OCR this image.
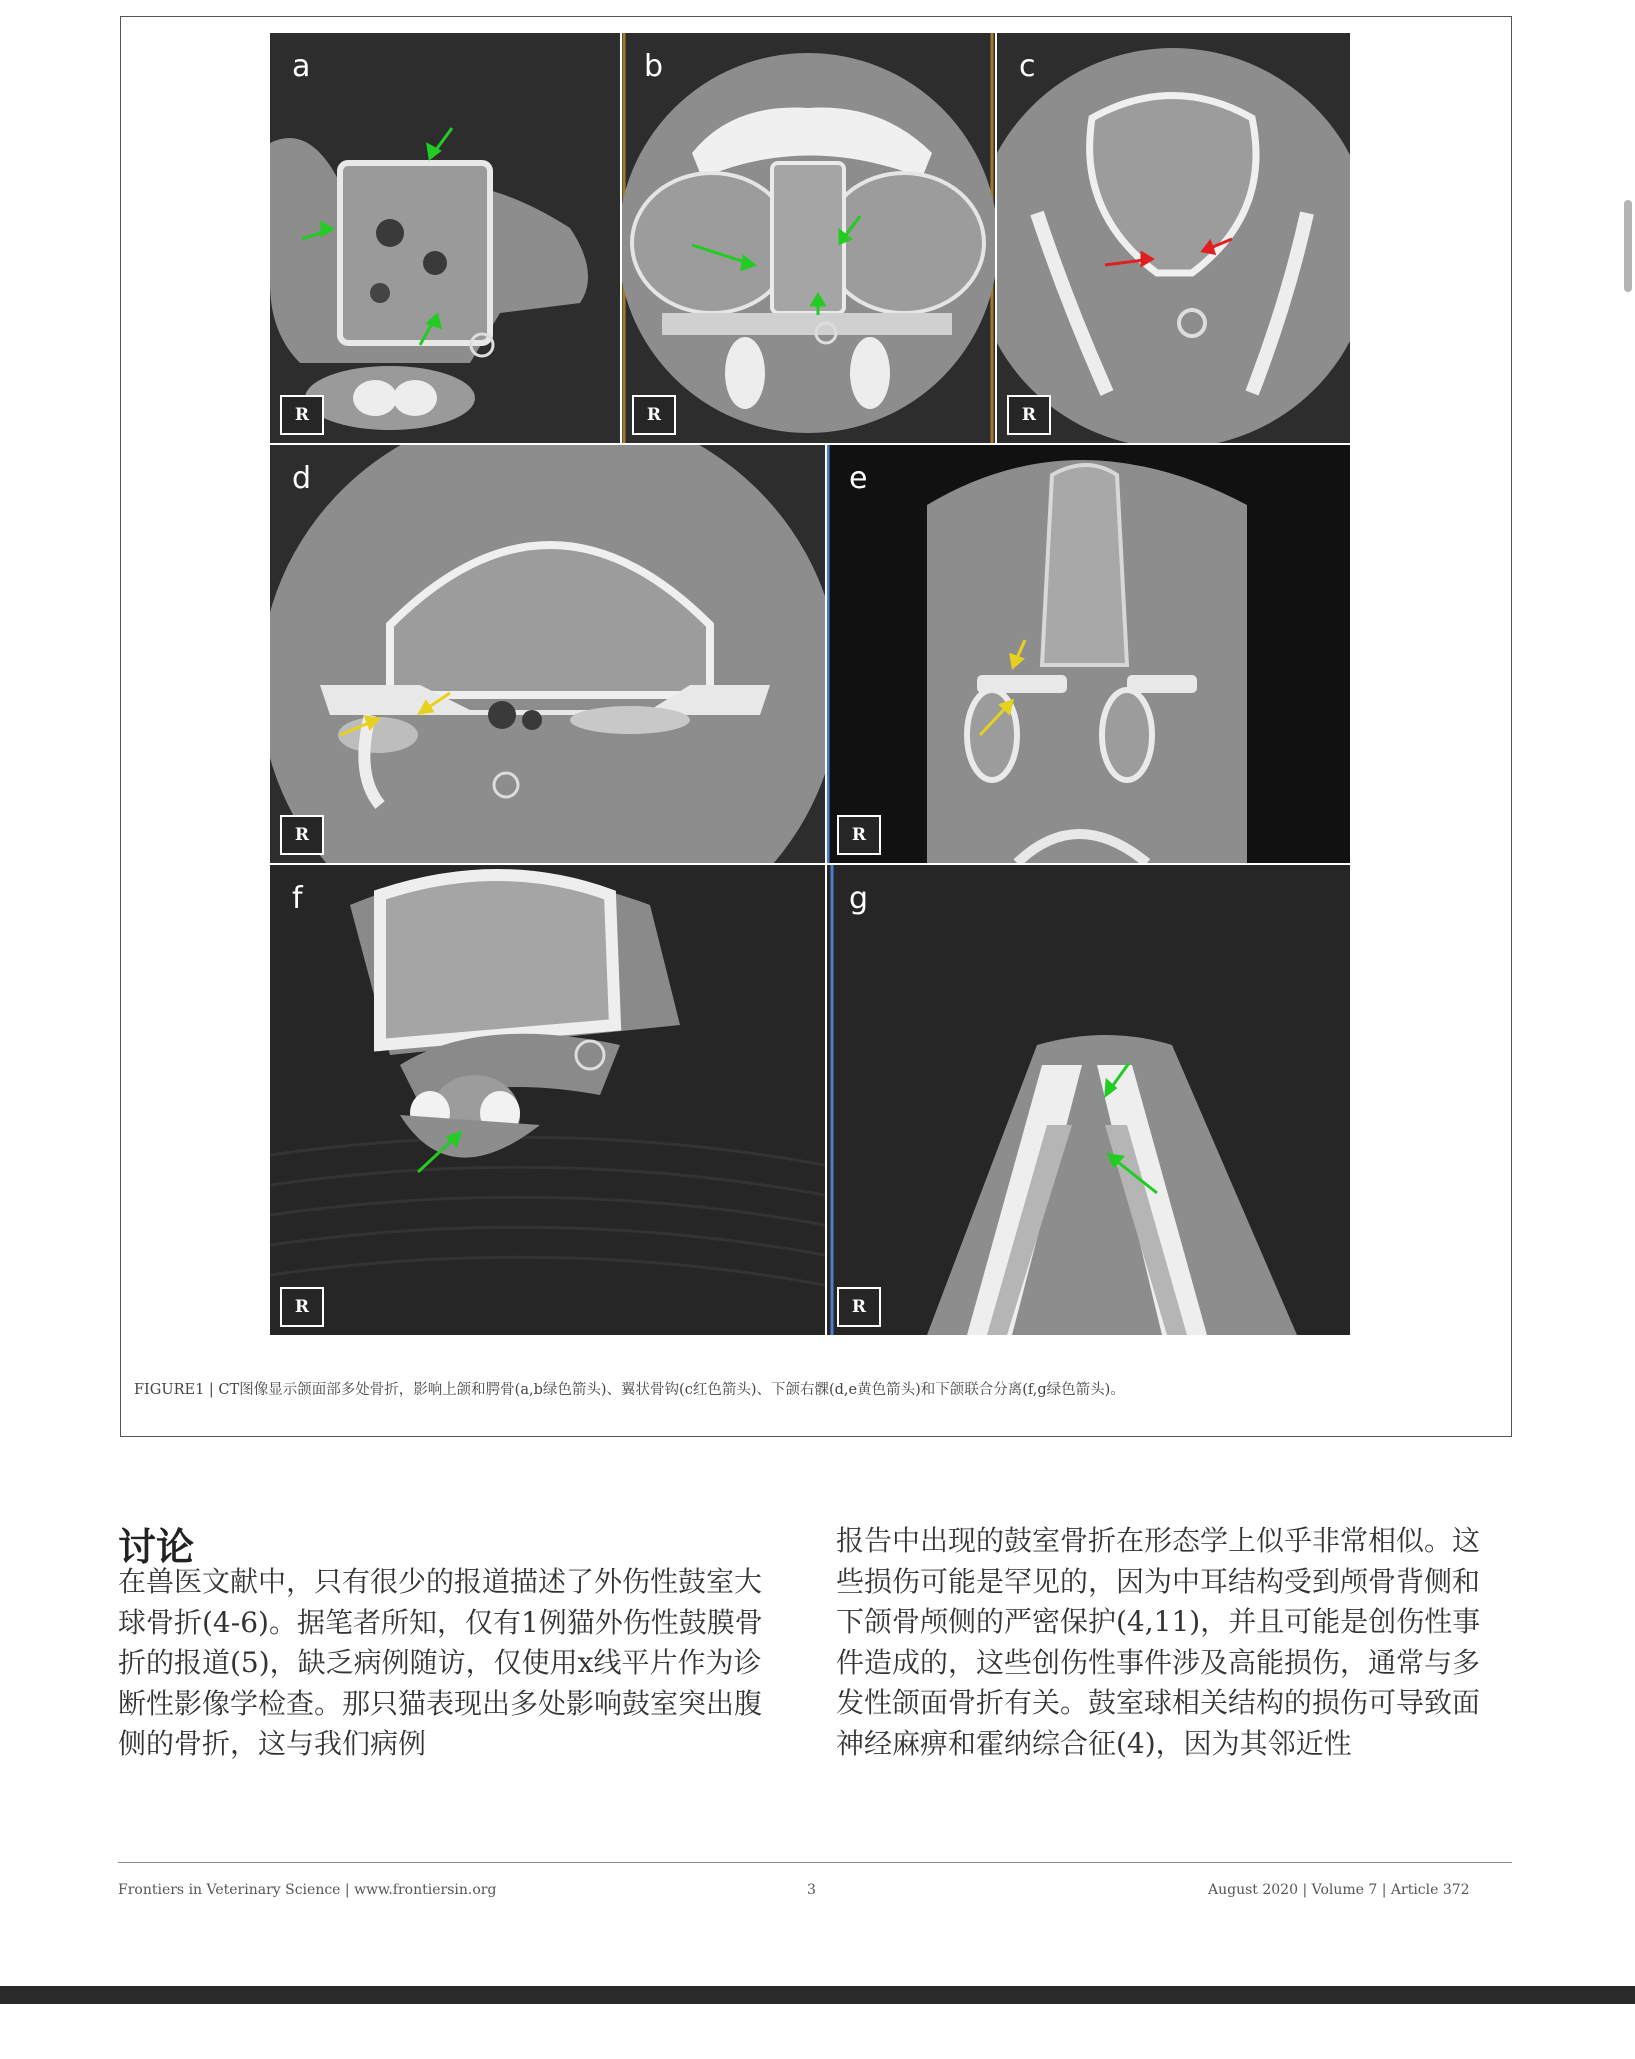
a
R
b
R
c
R
d
R
e
R
f
R
g
R
FIGURE1 | CT图像显示颌面部多处骨折，影响上颌和腭骨(a,b绿色箭头)、翼状骨钩(c红色箭头)、下颌右髁(d,e黄色箭头)和下颌联合分离(f,g绿色箭头)。
讨论
在兽医文献中，只有很少的报道描述了外伤性鼓室大
球骨折(4-6)。据笔者所知，仅有1例猫外伤性鼓膜骨
折的报道(5)，缺乏病例随访，仅使用x线平片作为诊
断性影像学检查。那只猫表现出多处影响鼓室突出腹
侧的骨折，这与我们病例
报告中出现的鼓室骨折在形态学上似乎非常相似。这
些损伤可能是罕见的，因为中耳结构受到颅骨背侧和
下颌骨颅侧的严密保护(4,11)，并且可能是创伤性事
件造成的，这些创伤性事件涉及高能损伤，通常与多
发性颌面骨折有关。鼓室球相关结构的损伤可导致面
神经麻痹和霍纳综合征(4)，因为其邻近性
Frontiers in Veterinary Science | www.frontiersin.org	3	August 2020 | Volume 7 | Article 372
